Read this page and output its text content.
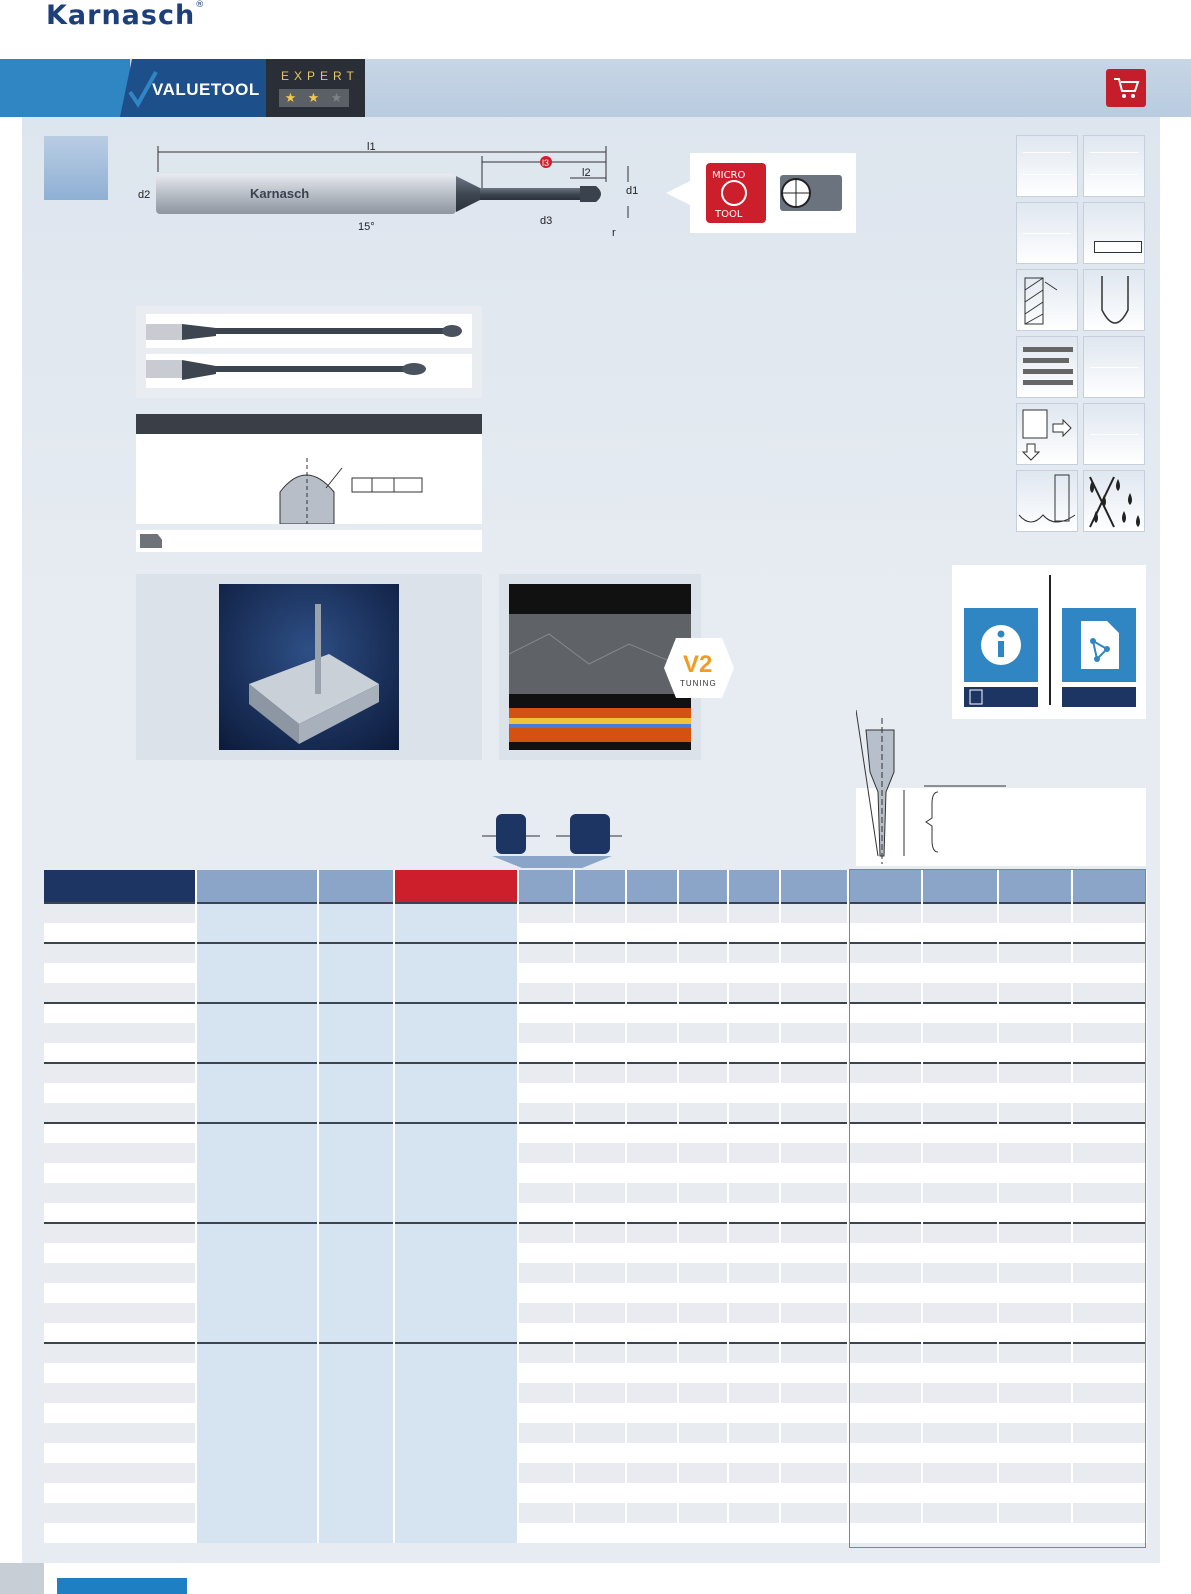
Karnasch®
VALUETOOL
EXPERT
★ ★ ★
d2
l1
l3
l2
d1
d3
r
15°
Karnasch
MICRO
TOOL
V2
TUNING
